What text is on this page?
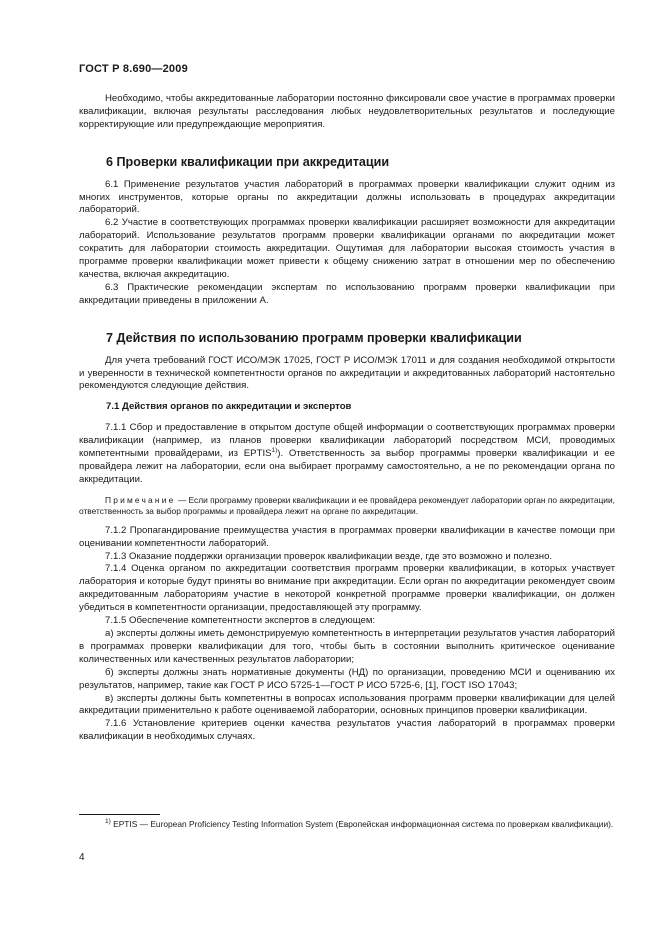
ГОСТ Р 8.690—2009

Необходимо, чтобы аккредитованные лаборатории постоянно фиксировали свое участие в программах проверки квалификации, включая результаты расследования любых неудовлетворительных результатов и последующие корректирующие или предупреждающие мероприятия.

6 Проверки квалификации при аккредитации

6.1 Применение результатов участия лабораторий в программах проверки квалификации служит одним из многих инструментов, которые органы по аккредитации должны использовать в процедурах аккредитации лабораторий.

6.2 Участие в соответствующих программах проверки квалификации расширяет возможности для аккредитации лабораторий. Использование результатов программ проверки квалификации органами по аккредитации может сократить для лаборатории стоимость аккредитации. Ощутимая для лаборатории высокая стоимость участия в программе проверки квалификации может привести к общему снижению затрат в отношении мер по обеспечению качества, включая аккредитацию.

6.3 Практические рекомендации экспертам по использованию программ проверки квалификации при аккредитации приведены в приложении А.

7 Действия по использованию программ проверки квалификации

Для учета требований ГОСТ ИСО/МЭК 17025, ГОСТ Р ИСО/МЭК 17011 и для создания необходимой открытости и уверенности в технической компетентности органов по аккредитации и аккредитованных лабораторий настоятельно рекомендуются следующие действия.

7.1 Действия органов по аккредитации и экспертов

7.1.1 Сбор и предоставление в открытом доступе общей информации о соответствующих программах проверки квалификации (например, из планов проверки квалификации лабораторий посредством МСИ, проводимых компетентными провайдерами, из EPTIS$^{1)}$). Ответственность за выбор программы проверки квалификации и ее провайдера лежит на лаборатории, если она выбирает программу самостоятельно, а не по рекомендации органа по аккредитации.

Примечание — Если программу проверки квалификации и ее провайдера рекомендует лаборатории орган по аккредитации, ответственность за выбор программы и провайдера лежит на органе по аккредитации.

7.1.2 Пропагандирование преимущества участия в программах проверки квалификации в качестве помощи при оценивании компетентности лабораторий.

7.1.3 Оказание поддержки организации проверок квалификации везде, где это возможно и полезно.

7.1.4 Оценка органом по аккредитации соответствия программ проверки квалификации, в которых участвует лаборатория и которые будут приняты во внимание при аккредитации. Если орган по аккредитации рекомендует своим аккредитованным лабораториям участие в некоторой конкретной программе проверки квалификации, он должен убедиться в компетентности организации, предоставляющей эту программу.

7.1.5 Обеспечение компетентности экспертов в следующем:

а) эксперты должны иметь демонстрируемую компетентность в интерпретации результатов участия лабораторий в программах проверки квалификации для того, чтобы быть в состоянии выполнить критическое оценивание количественных или качественных результатов лаборатории;

б) эксперты должны знать нормативные документы (НД) по организации, проведению МСИ и оцениванию их результатов, например, такие как ГОСТ Р ИСО 5725-1—ГОСТ Р ИСО 5725-6, [1], ГОСТ ISO 17043;

в) эксперты должны быть компетентны в вопросах использования программ проверки квалификации для целей аккредитации применительно к работе оцениваемой лаборатории, основных принципов проверки квалификации.

7.1.6 Установление критериев оценки качества результатов участия лабораторий в программах проверки квалификации в необходимых случаях.

$^{1)}$ EPTIS — European Proficiency Testing Information System (Европейская информационная система по проверкам квалификации).
4
